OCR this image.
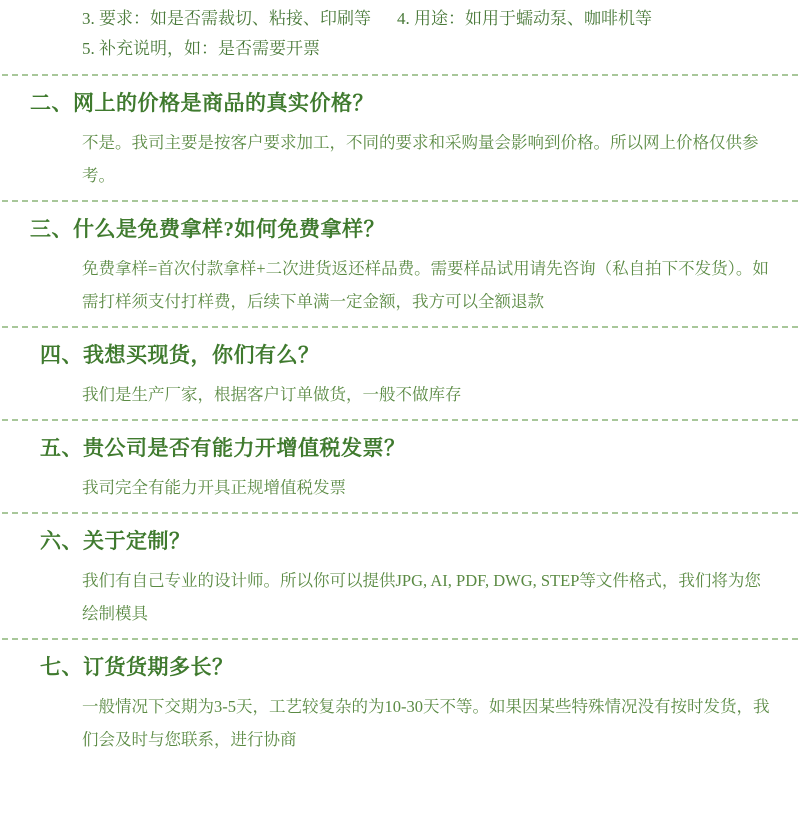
3. 要求：如是否需裁切、粘接、印刷等 4. 用途：如用于蠕动泵、咖啡机等
5. 补充说明，如：是否需要开票
二、网上的价格是商品的真实价格？
不是。我司主要是按客户要求加工，不同的要求和采购量会影响到价格。所以网上价格仅供参考。
三、什么是免费拿样?如何免费拿样？
免费拿样=首次付款拿样+二次进货返还样品费。需要样品试用请先咨询（私自拍下不发货）。如需打样须支付打样费，后续下单满一定金额，我方可以全额退款
四、我想买现货，你们有么？
我们是生产厂家，根据客户订单做货，一般不做库存
五、贵公司是否有能力开增值税发票？
我司完全有能力开具正规增值税发票
六、关于定制？
我们有自己专业的设计师。所以你可以提供JPG, AI, PDF, DWG, STEP等文件格式，我们将为您绘制模具
七、订货货期多长？
一般情况下交期为3-5天，工艺较复杂的为10-30天不等。如果因某些特殊情况没有按时发货，我们会及时与您联系，进行协商
